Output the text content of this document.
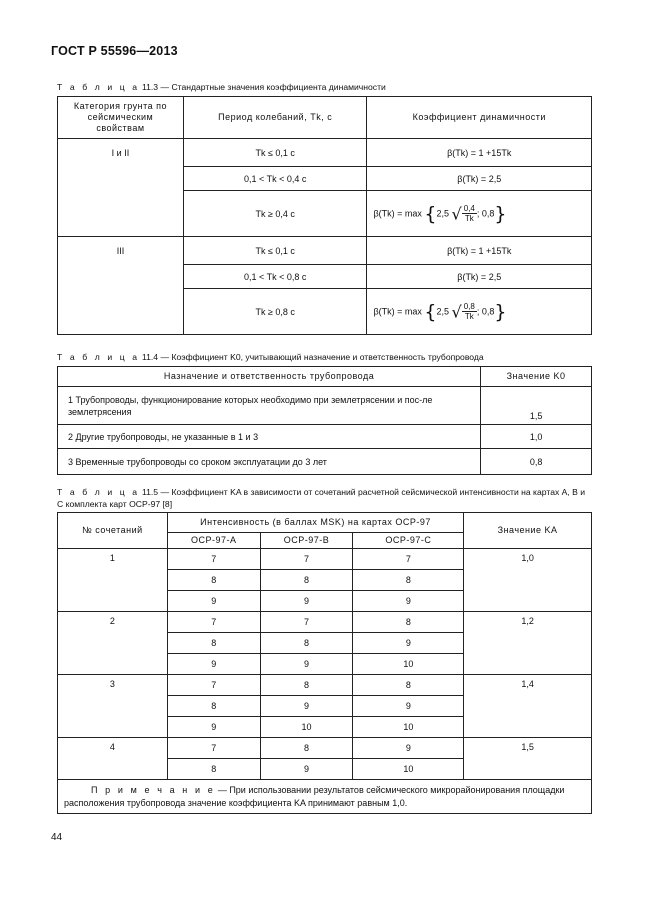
ГОСТ Р 55596—2013
Т а б л и ц а 11.3 — Стандартные значения коэффициента динамичности
Категория грунта по сейсмическим свойствам	Период колебаний, Tk, с	Коэффициент динамичности
I и II	Tk ≤ 0,1 с	β(Tk) = 1 +15Tk
	0,1 < Tk < 0,4 с	β(Tk) = 2,5
	Tk ≥ 0,4 с	β(Tk) = max {2,5 √ $\frac{0,4}{Tk}$; 0,8}
III	Tk ≤ 0,1 с	β(Tk) = 1 +15Tk
	0,1 < Tk < 0,8 с	β(Tk) = 2,5
	Tk ≥ 0,8 с	β(Tk) = max {2,5 √ $\frac{0,8}{Tk}$; 0,8}
Т а б л и ц а 11.4 — Коэффициент K0, учитывающий назначение и ответственность трубопровода
Назначение и ответственность трубопровода	Значение K0
1 Трубопроводы, функционирование которых необходимо при землетрясении и пос-ле землетрясения	1,5
2 Другие трубопроводы, не указанные в 1 и 3	1,0
3 Временные трубопроводы со сроком эксплуатации до 3 лет	0,8
Т а б л и ц а 11.5 — Коэффициент KA в зависимости от сочетаний расчетной сейсмической интенсивности на картах А, В и С комплекта карт ОСР-97 [8]
№ сочетаний	Интенсивность (в баллах MSK) на картах ОСР-97			Значение KA
	ОСР-97-А	ОСР-97-В	ОСР-97-С	
1	7	7	7	1,0
	8	8	8	
	9	9	9	
2	7	7	8	1,2
	8	8	9	
	9	9	10	
3	7	8	8	1,4
	8	9	9	
	9	10	10	
4	7	8	9	1,5
	8	9	10	
П р и м е ч а н и е — При использовании результатов сейсмического микрорайонирования площадки расположения трубопровода значение коэффициента KA принимают равным 1,0.				
44
